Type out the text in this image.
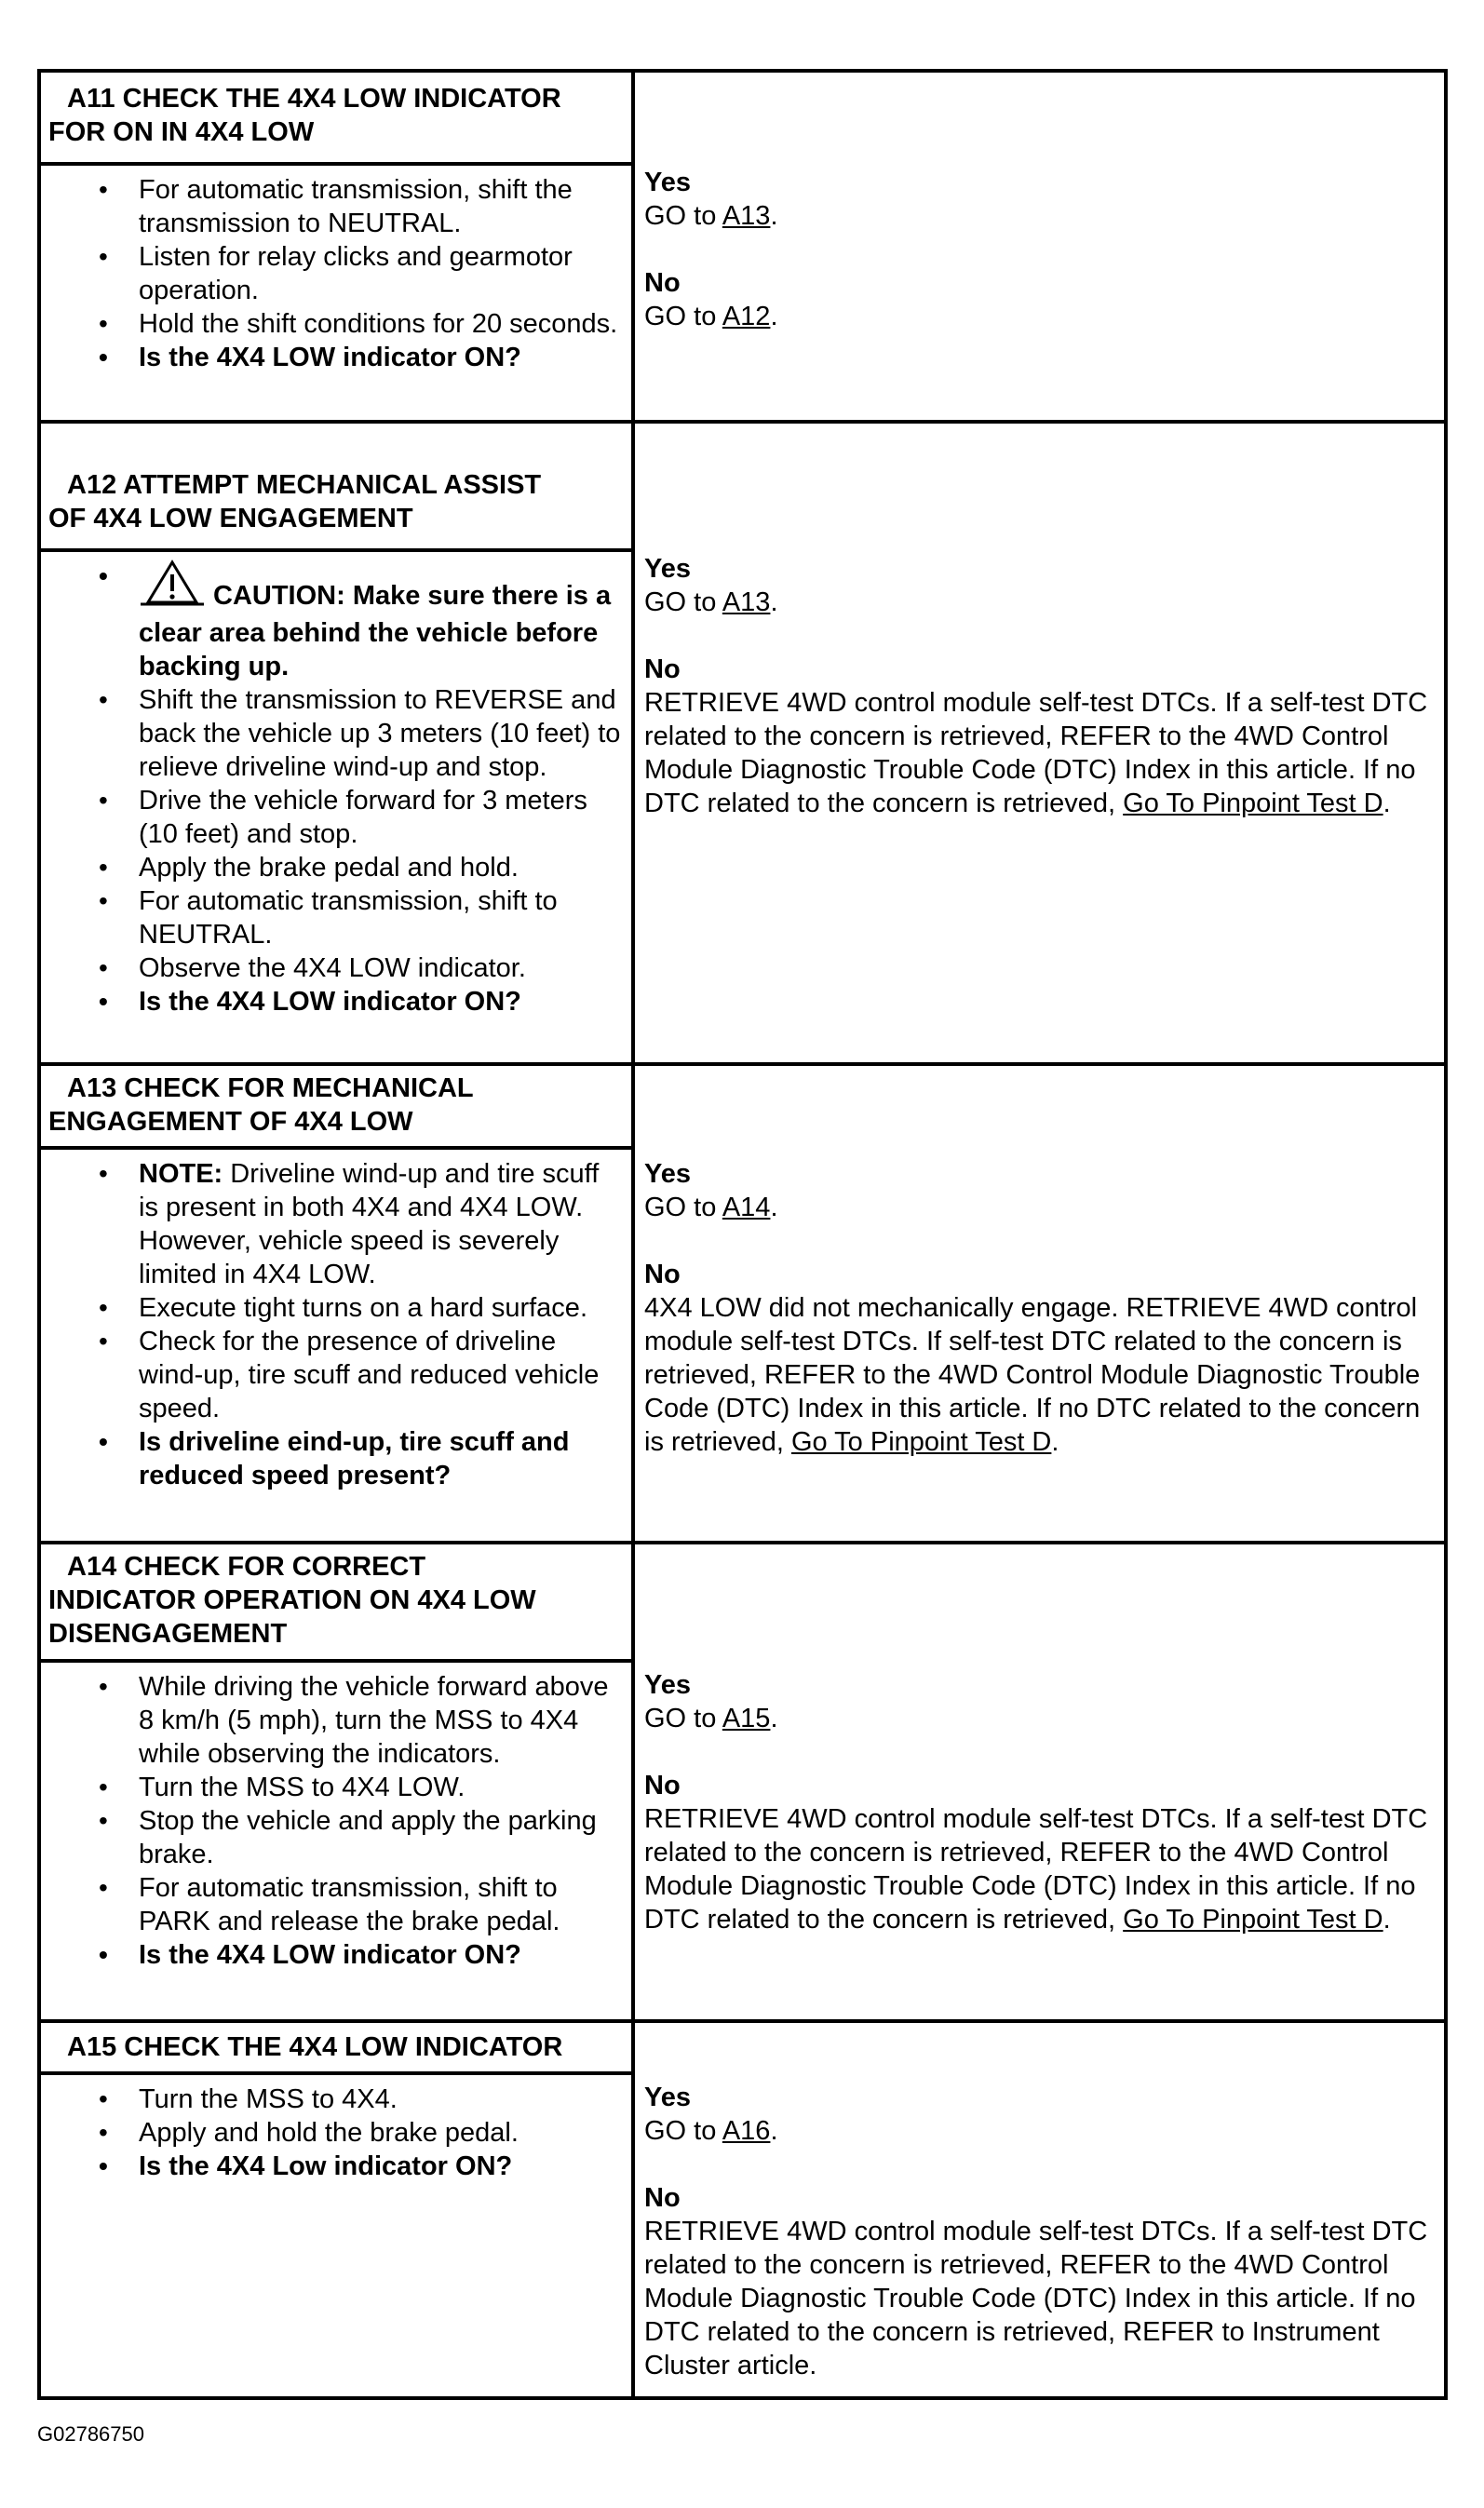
A11 CHECK THE 4X4 LOW INDICATOR
FOR ON IN 4X4 LOW
• For automatic transmission, shift the transmission to NEUTRAL.
• Listen for relay clicks and gearmotor operation.
• Hold the shift conditions for 20 seconds.
• Is the 4X4 LOW indicator ON?
Yes
GO to A13.
No
GO to A12.
A12 ATTEMPT MECHANICAL ASSIST
OF 4X4 LOW ENGAGEMENT
• CAUTION: Make sure there is a clear area behind the vehicle before backing up.
• Shift the transmission to REVERSE and back the vehicle up 3 meters (10 feet) to relieve driveline wind-up and stop.
• Drive the vehicle forward for 3 meters (10 feet) and stop.
• Apply the brake pedal and hold.
• For automatic transmission, shift to NEUTRAL.
• Observe the 4X4 LOW indicator.
• Is the 4X4 LOW indicator ON?
Yes
GO to A13.
No
RETRIEVE 4WD control module self-test DTCs. If a self-test DTC related to the concern is retrieved, REFER to the 4WD Control Module Diagnostic Trouble Code (DTC) Index in this article. If no DTC related to the concern is retrieved, Go To Pinpoint Test D.
A13 CHECK FOR MECHANICAL
ENGAGEMENT OF 4X4 LOW
• NOTE: Driveline wind-up and tire scuff is present in both 4X4 and 4X4 LOW. However, vehicle speed is severely limited in 4X4 LOW.
• Execute tight turns on a hard surface.
• Check for the presence of driveline wind-up, tire scuff and reduced vehicle speed.
• Is driveline eind-up, tire scuff and reduced speed present?
Yes
GO to A14.
No
4X4 LOW did not mechanically engage. RETRIEVE 4WD control module self-test DTCs. If self-test DTC related to the concern is retrieved, REFER to the 4WD Control Module Diagnostic Trouble Code (DTC) Index in this article. If no DTC related to the concern is retrieved, Go To Pinpoint Test D.
A14 CHECK FOR CORRECT
INDICATOR OPERATION ON 4X4 LOW DISENGAGEMENT
• While driving the vehicle forward above 8 km/h (5 mph), turn the MSS to 4X4 while observing the indicators.
• Turn the MSS to 4X4 LOW.
• Stop the vehicle and apply the parking brake.
• For automatic transmission, shift to PARK and release the brake pedal.
• Is the 4X4 LOW indicator ON?
Yes
GO to A15.
No
RETRIEVE 4WD control module self-test DTCs. If a self-test DTC related to the concern is retrieved, REFER to the 4WD Control Module Diagnostic Trouble Code (DTC) Index in this article. If no DTC related to the concern is retrieved, Go To Pinpoint Test D.
A15 CHECK THE 4X4 LOW INDICATOR
• Turn the MSS to 4X4.
• Apply and hold the brake pedal.
• Is the 4X4 Low indicator ON?
Yes
GO to A16.
No
RETRIEVE 4WD control module self-test DTCs. If a self-test DTC related to the concern is retrieved, REFER to the 4WD Control Module Diagnostic Trouble Code (DTC) Index in this article. If no DTC related to the concern is retrieved, REFER to Instrument Cluster article.
G02786750
